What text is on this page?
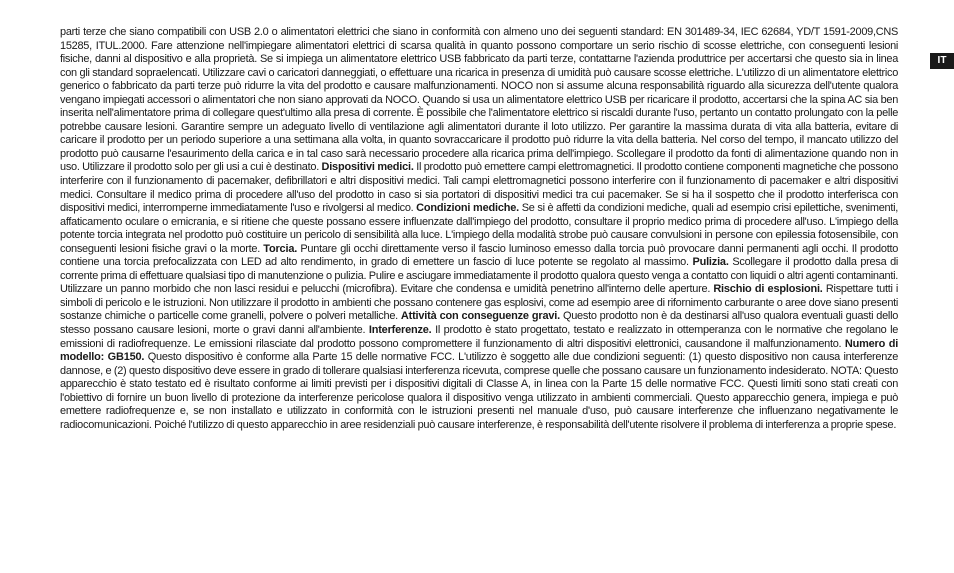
IT

parti terze che siano compatibili con USB 2.0 o alimentatori elettrici che siano in conformità con almeno uno dei seguenti standard: EN 301489-34, IEC 62684, YD/T 1591-2009,CNS 15285, ITUL.2000. Fare attenzione nell'impiegare alimentatori elettrici di scarsa qualità in quanto possono comportare un serio rischio di scosse elettriche, con conseguenti lesioni fisiche, danni al dispositivo e alla proprietà. Se si impiega un alimentatore elettrico USB fabbricato da parti terze, contattarne l'azienda produttrice per accertarsi che questo sia in linea con gli standard sopraelencati. Utilizzare cavi o caricatori danneggiati, o effettuare una ricarica in presenza di umidità può causare scosse elettriche. L'utilizzo di un alimentatore elettrico generico o fabbricato da parti terze può ridurre la vita del prodotto e causare malfunzionamenti. NOCO non si assume alcuna responsabilità riguardo alla sicurezza dell'utente qualora vengano impiegati accessori o alimentatori che non siano approvati da NOCO. Quando si usa un alimentatore elettrico USB per ricaricare il prodotto, accertarsi che la spina AC sia ben inserita nell'alimentatore prima di collegare quest'ultimo alla presa di corrente. È possibile che l'alimentatore elettrico si riscaldi durante l'uso, pertanto un contatto prolungato con la pelle potrebbe causare lesioni. Garantire sempre un adeguato livello di ventilazione agli alimentatori durante il loto utilizzo. Per garantire la massima durata di vita alla batteria, evitare di caricare il prodotto per un periodo superiore a una settimana alla volta, in quanto sovraccaricare il prodotto può ridurre la vita della batteria. Nel corso del tempo, il mancato utilizzo del prodotto può causarne l'esaurimento della carica e in tal caso sarà necessario procedere alla ricarica prima dell'impiego. Scollegare il prodotto da fonti di alimentazione quando non in uso. Utilizzare il prodotto solo per gli usi a cui è destinato. Dispositivi medici. Il prodotto può emettere campi elettromagnetici. Il prodotto contiene componenti magnetiche che possono interferire con il funzionamento di pacemaker, defibrillatori e altri dispositivi medici. Tali campi elettromagnetici possono interferire con il funzionamento di pacemaker e altri dispositivi medici. Consultare il medico prima di procedere all'uso del prodotto in caso si sia portatori di dispositivi medici tra cui pacemaker. Se si ha il sospetto che il prodotto interferisca con dispositivi medici, interromperne immediatamente l'uso e rivolgersi al medico. Condizioni mediche. Se si è affetti da condizioni mediche, quali ad esempio crisi epilettiche, svenimenti, affaticamento oculare o emicrania, e si ritiene che queste possano essere influenzate dall'impiego del prodotto, consultare il proprio medico prima di procedere all'uso. L'impiego della potente torcia integrata nel prodotto può costituire un pericolo di sensibilità alla luce. L'impiego della modalità strobe può causare convulsioni in persone con epilessia fotosensibile, con conseguenti lesioni fisiche gravi o la morte. Torcia. Puntare gli occhi direttamente verso il fascio luminoso emesso dalla torcia può provocare danni permanenti agli occhi. Il prodotto contiene una torcia prefocalizzata con LED ad alto rendimento, in grado di emettere un fascio di luce potente se regolato al massimo. Pulizia. Scollegare il prodotto dalla presa di corrente prima di effettuare qualsiasi tipo di manutenzione o pulizia. Pulire e asciugare immediatamente il prodotto qualora questo venga a contatto con liquidi o altri agenti contaminanti. Utilizzare un panno morbido che non lasci residui e pelucchi (microfibra). Evitare che condensa e umidità penetrino all'interno delle aperture. Rischio di esplosioni. Rispettare tutti i simboli di pericolo e le istruzioni. Non utilizzare il prodotto in ambienti che possano contenere gas esplosivi, come ad esempio aree di rifornimento carburante o aree dove siano presenti sostanze chimiche o particelle come granelli, polvere o polveri metalliche. Attività con conseguenze gravi. Questo prodotto non è da destinarsi all'uso qualora eventuali guasti dello stesso possano causare lesioni, morte o gravi danni all'ambiente. Interferenze. Il prodotto è stato progettato, testato e realizzato in ottemperanza con le normative che regolano le emissioni di radiofrequenze. Le emissioni rilasciate dal prodotto possono compromettere il funzionamento di altri dispositivi elettronici, causandone il malfunzionamento. Numero di modello: GB150. Questo dispositivo è conforme alla Parte 15 delle normative FCC. L'utilizzo è soggetto alle due condizioni seguenti: (1) questo dispositivo non causa interferenze dannose, e (2) questo dispositivo deve essere in grado di tollerare qualsiasi interferenza ricevuta, comprese quelle che possano causare un funzionamento indesiderato. NOTA: Questo apparecchio è stato testato ed è risultato conforme ai limiti previsti per i dispositivi digitali di Classe A, in linea con la Parte 15 delle normative FCC. Questi limiti sono stati creati con l'obiettivo di fornire un buon livello di protezione da interferenze pericolose qualora il dispositivo venga utilizzato in ambienti commerciali. Questo apparecchio genera, impiega e può emettere radiofrequenze e, se non installato e utilizzato in conformità con le istruzioni presenti nel manuale d'uso, può causare interferenze che influenzano negativamente le radiocomunicazioni. Poiché l'utilizzo di questo apparecchio in aree residenziali può causare interferenze, è responsabilità dell'utente risolvere il problema di interferenza a proprie spese.
